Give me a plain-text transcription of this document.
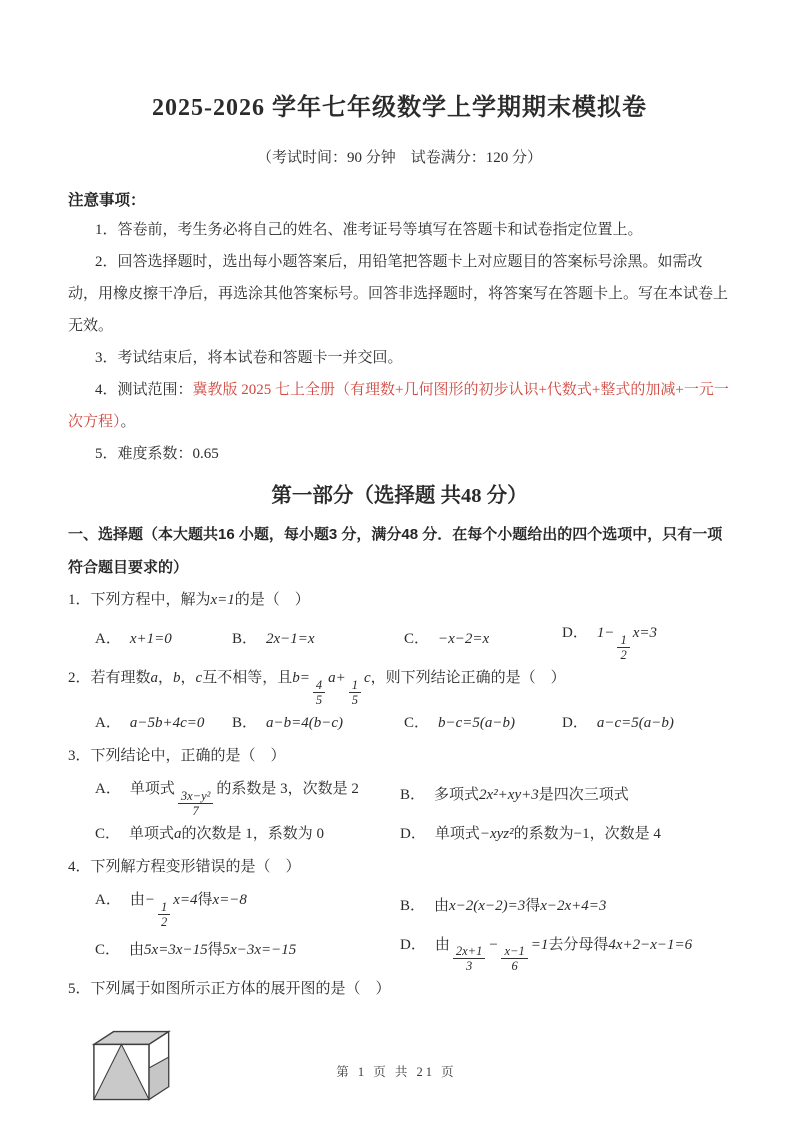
2025-2026 学年七年级数学上学期期末模拟卷
（考试时间：90 分钟　试卷满分：120 分）
注意事项：
1．答卷前，考生务必将自己的姓名、准考证号等填写在答题卡和试卷指定位置上。
2．回答选择题时，选出每小题答案后，用铅笔把答题卡上对应题目的答案标号涂黑。如需改动，用橡皮擦干净后，再选涂其他答案标号。回答非选择题时，将答案写在答题卡上。写在本试卷上无效。
3．考试结束后，将本试卷和答题卡一并交回。
4．测试范围：冀教版 2025 七上全册（有理数+几何图形的初步认识+代数式+整式的加减+一元一次方程）。
5．难度系数：0.65
第一部分（选择题 共48 分）
一、选择题（本大题共16 小题，每小题3 分，满分48 分．在每个小题给出的四个选项中，只有一项符合题目要求的）
1．下列方程中，解为x=1的是（　）
A． x+1=0	B． 2x−1=x	C． −x−2=x	D． $1- \frac{1}{2} x=3$
2．若有理数a，b，c互不相等，且$b= \frac{4}{5} a+ \frac{1}{5}$ c，则下列结论正确的是（　）
A． a−5b+4c=0	B． a−b=4(b−c)	C． b−c=5(a−b)	D． a−c=5(a−b)
3．下列结论中，正确的是（　）
A． 单项式 $\frac{\text{3x−y²}}{7}$ 的系数是 3，次数是 2	B． 多项式2x²+xy+3是四次三项式
C． 单项式a的次数是 1，系数为 0	D． 单项式−xyz²的系数为−1，次数是 4
4．下列解方程变形错误的是（　）
A． 由− $\frac{1}{2} x=4$得x=−8	B． 由x−2(x−2)=3得x−2x+4=3
C． 由5x=3x−15得5x−3x=−15	D． 由 $\frac{2x+1}{3} - \frac{x-1}{6} =1$去分母得4x+2−x−1=6
5．下列属于如图所示正方体的展开图的是（　）
第 1 页 共 21 页
